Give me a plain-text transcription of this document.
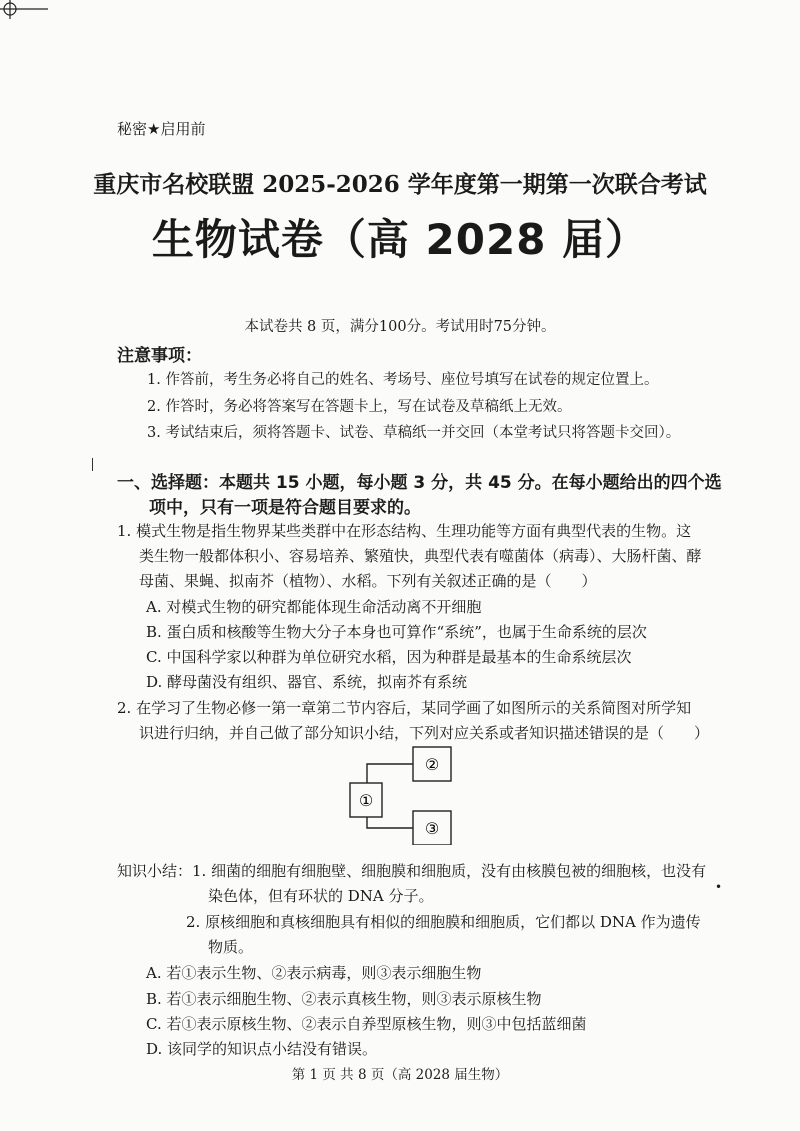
秘密★启用前
重庆市名校联盟 2025-2026 学年度第一期第一次联合考试
生物试卷（高 2028 届）
本试卷共 8 页，满分100分。考试用时75分钟。
注意事项：
1. 作答前，考生务必将自己的姓名、考场号、座位号填写在试卷的规定位置上。
2. 作答时，务必将答案写在答题卡上，写在试卷及草稿纸上无效。
3. 考试结束后，须将答题卡、试卷、草稿纸一并交回（本堂考试只将答题卡交回）。
一、选择题：本题共 15 小题，每小题 3 分，共 45 分。在每小题给出的四个选
项中，只有一项是符合题目要求的。
1. 模式生物是指生物界某些类群中在形态结构、生理功能等方面有典型代表的生物。这
类生物一般都体积小、容易培养、繁殖快，典型代表有噬菌体（病毒）、大肠杆菌、酵
母菌、果蝇、拟南芥（植物）、水稻。下列有关叙述正确的是（　　）
A. 对模式生物的研究都能体现生命活动离不开细胞
B. 蛋白质和核酸等生物大分子本身也可算作“系统”，也属于生命系统的层次
C. 中国科学家以种群为单位研究水稻，因为种群是最基本的生命系统层次
D. 酵母菌没有组织、器官、系统，拟南芥有系统
2. 在学习了生物必修一第一章第二节内容后，某同学画了如图所示的关系简图对所学知
识进行归纳，并自己做了部分知识小结，下列对应关系或者知识描述错误的是（　　）
①
②
③
知识小结：1. 细菌的细胞有细胞壁、细胞膜和细胞质，没有由核膜包被的细胞核，也没有
染色体，但有环状的 DNA 分子。
2. 原核细胞和真核细胞具有相似的细胞膜和细胞质，它们都以 DNA 作为遗传
物质。
•
A. 若①表示生物、②表示病毒，则③表示细胞生物
B. 若①表示细胞生物、②表示真核生物，则③表示原核生物
C. 若①表示原核生物、②表示自养型原核生物，则③中包括蓝细菌
D. 该同学的知识点小结没有错误。
第 1 页 共 8 页（高 2028 届生物）
